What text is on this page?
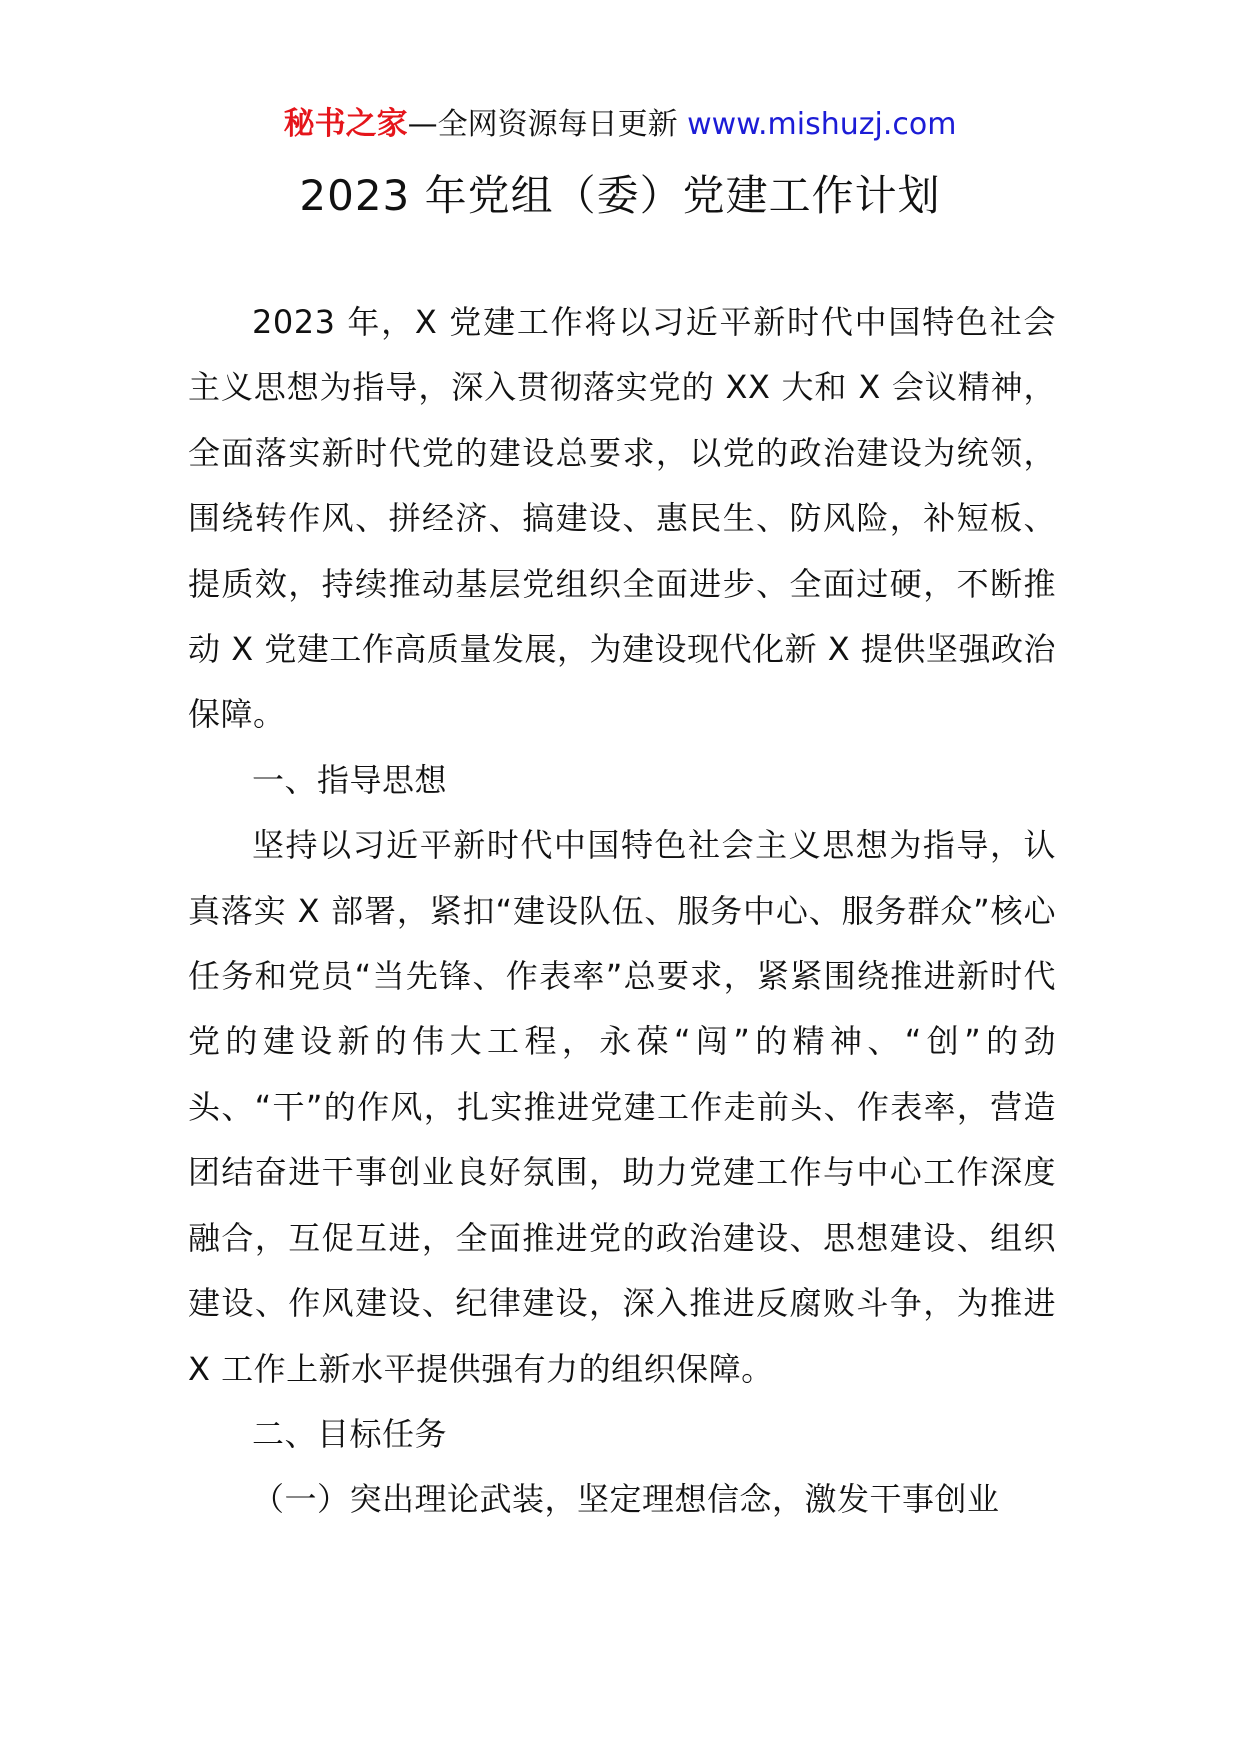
秘书之家—全网资源每日更新 www.mishuzj.com
2023 年党组（委）党建工作计划

2023 年，X 党建工作将以习近平新时代中国特色社会主义思想为指导，深入贯彻落实党的 XX 大和 X 会议精神，全面落实新时代党的建设总要求，以党的政治建设为统领，围绕转作风、拼经济、搞建设、惠民生、防风险，补短板、提质效，持续推动基层党组织全面进步、全面过硬，不断推动 X 党建工作高质量发展，为建设现代化新 X 提供坚强政治保障。

一、指导思想

坚持以习近平新时代中国特色社会主义思想为指导，认真落实 X 部署，紧扣“建设队伍、服务中心、服务群众”核心任务和党员“当先锋、作表率”总要求，紧紧围绕推进新时代党的建设新的伟大工程，永葆“闯”的精神、“创”的劲头、“干”的作风，扎实推进党建工作走前头、作表率，营造团结奋进干事创业良好氛围，助力党建工作与中心工作深度融合，互促互进，全面推进党的政治建设、思想建设、组织建设、作风建设、纪律建设，深入推进反腐败斗争，为推进 X 工作上新水平提供强有力的组织保障。

二、目标任务

（一）突出理论武装，坚定理想信念，激发干事创业
